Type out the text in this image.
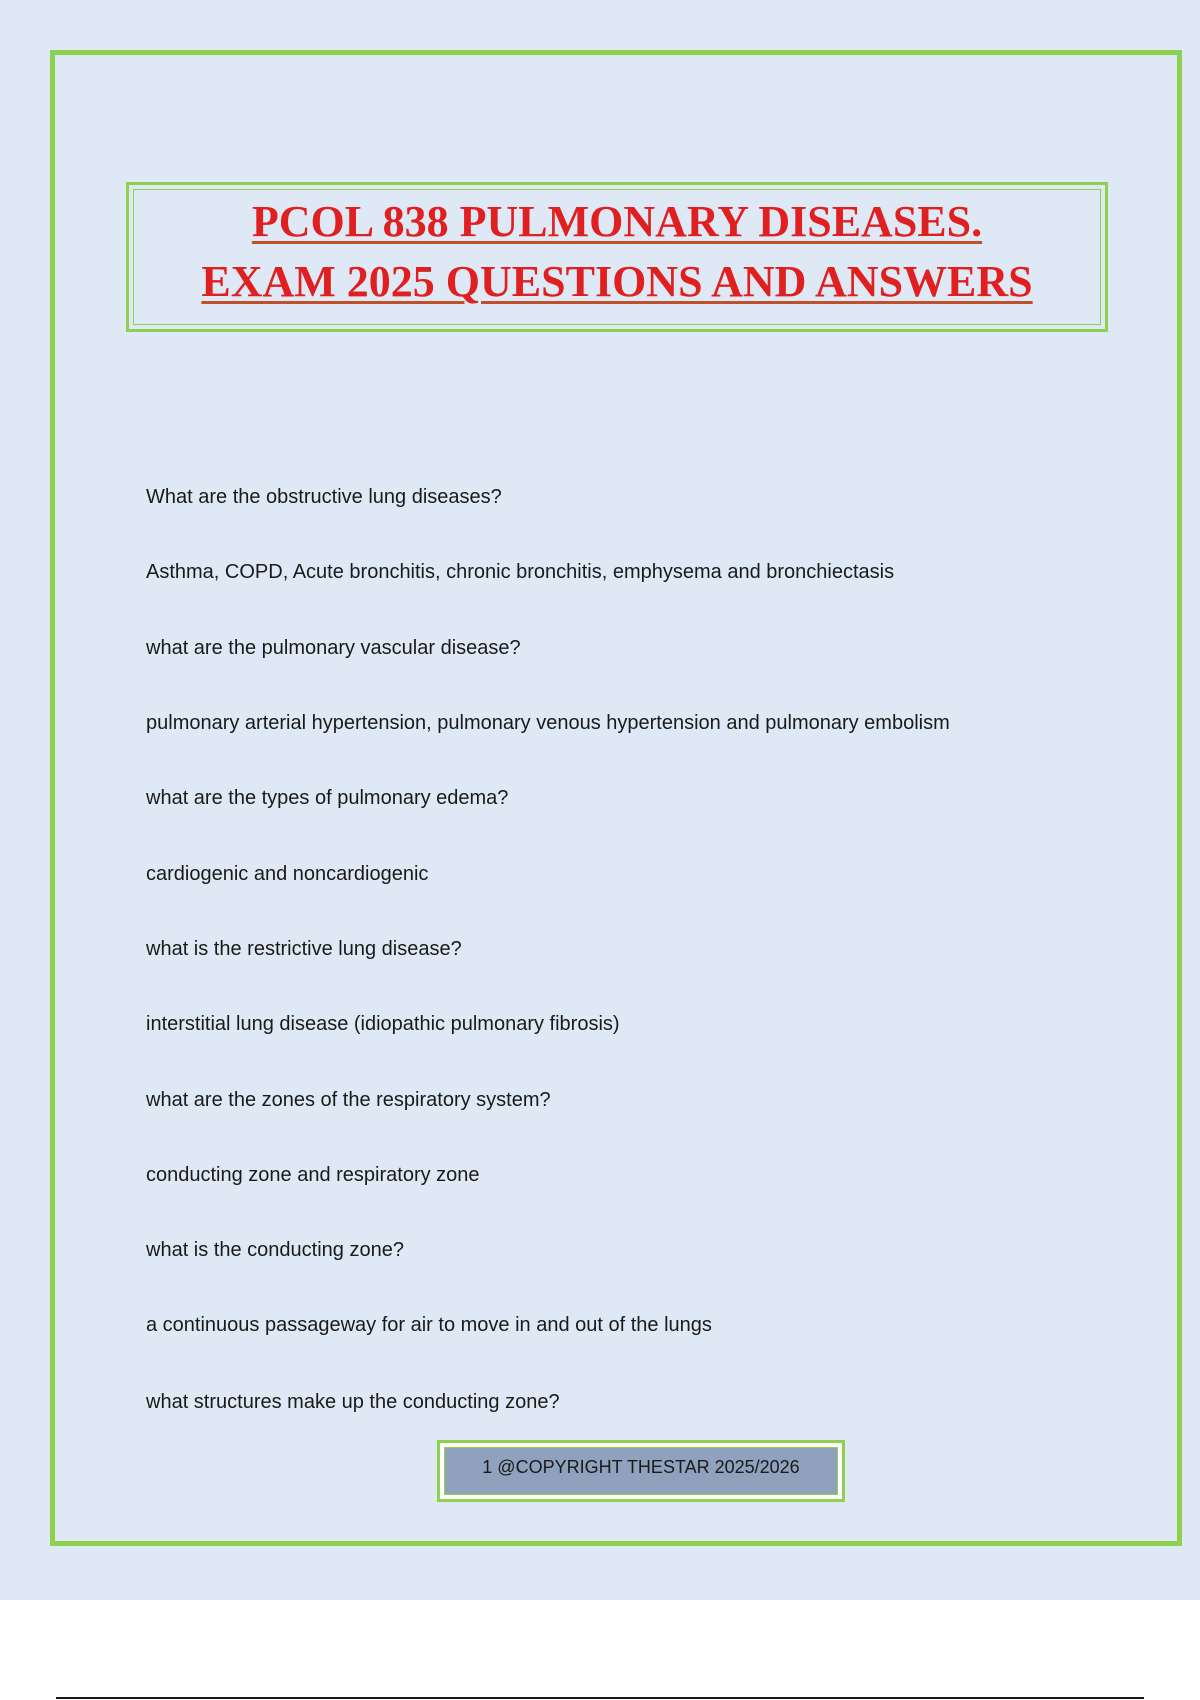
PCOL 838 PULMONARY DISEASES.
EXAM 2025 QUESTIONS AND ANSWERS
What are the obstructive lung diseases?
Asthma, COPD, Acute bronchitis, chronic bronchitis, emphysema and bronchiectasis
what are the pulmonary vascular disease?
pulmonary arterial hypertension, pulmonary venous hypertension and pulmonary embolism
what are the types of pulmonary edema?
cardiogenic and noncardiogenic
what is the restrictive lung disease?
interstitial lung disease (idiopathic pulmonary fibrosis)
what are the zones of the respiratory system?
conducting zone and respiratory zone
what is the conducting zone?
a continuous passageway for air to move in and out of the lungs
what structures make up the conducting zone?
1 @COPYRIGHT THESTAR 2025/2026
